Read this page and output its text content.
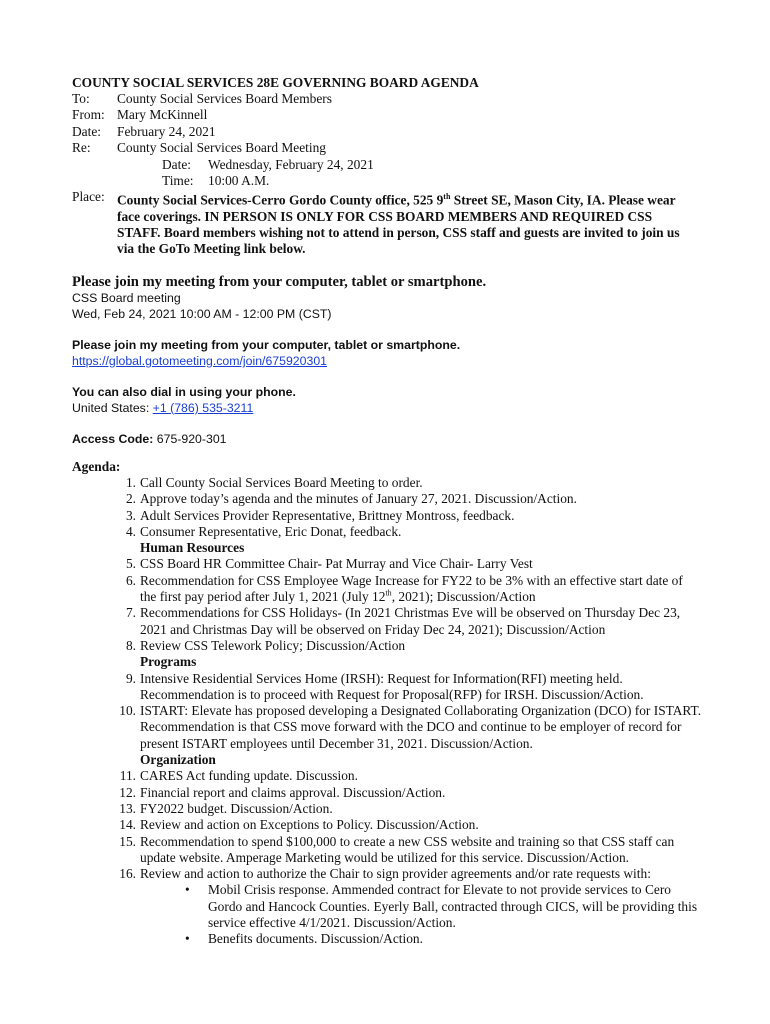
COUNTY SOCIAL SERVICES 28E GOVERNING BOARD AGENDA
To: County Social Services Board Members
From: Mary McKinnell
Date: February 24, 2021
Re: County Social Services Board Meeting
Date: Wednesday, February 24, 2021
Time: 10:00 A.M.
Place: County Social Services-Cerro Gordo County office, 525 9th Street SE, Mason City, IA. Please wear face coverings. IN PERSON IS ONLY FOR CSS BOARD MEMBERS AND REQUIRED CSS STAFF. Board members wishing not to attend in person, CSS staff and guests are invited to join us via the GoTo Meeting link below.
Please join my meeting from your computer, tablet or smartphone.
CSS Board meeting
Wed, Feb 24, 2021 10:00 AM - 12:00 PM (CST)
Please join my meeting from your computer, tablet or smartphone.
https://global.gotomeeting.com/join/675920301
You can also dial in using your phone.
United States: +1 (786) 535-3211
Access Code: 675-920-301
Agenda:
1. Call County Social Services Board Meeting to order.
2. Approve today’s agenda and the minutes of January 27, 2021. Discussion/Action.
3. Adult Services Provider Representative, Brittney Montross, feedback.
4. Consumer Representative, Eric Donat, feedback.
Human Resources
5. CSS Board HR Committee Chair- Pat Murray and Vice Chair- Larry Vest
6. Recommendation for CSS Employee Wage Increase for FY22 to be 3% with an effective start date of the first pay period after July 1, 2021 (July 12th, 2021); Discussion/Action
7. Recommendations for CSS Holidays- (In 2021 Christmas Eve will be observed on Thursday Dec 23, 2021 and Christmas Day will be observed on Friday Dec 24, 2021); Discussion/Action
8. Review CSS Telework Policy; Discussion/Action
Programs
9. Intensive Residential Services Home (IRSH): Request for Information(RFI) meeting held. Recommendation is to proceed with Request for Proposal(RFP) for IRSH. Discussion/Action.
10. ISTART: Elevate has proposed developing a Designated Collaborating Organization (DCO) for ISTART. Recommendation is that CSS move forward with the DCO and continue to be employer of record for present ISTART employees until December 31, 2021. Discussion/Action.
Organization
11. CARES Act funding update. Discussion.
12. Financial report and claims approval. Discussion/Action.
13. FY2022 budget. Discussion/Action.
14. Review and action on Exceptions to Policy. Discussion/Action.
15. Recommendation to spend $100,000 to create a new CSS website and training so that CSS staff can update website. Amperage Marketing would be utilized for this service. Discussion/Action.
16. Review and action to authorize the Chair to sign provider agreements and/or rate requests with:
• Mobil Crisis response. Ammended contract for Elevate to not provide services to Cero Gordo and Hancock Counties. Eyerly Ball, contracted through CICS, will be providing this service effective 4/1/2021. Discussion/Action.
• Benefits documents. Discussion/Action.
